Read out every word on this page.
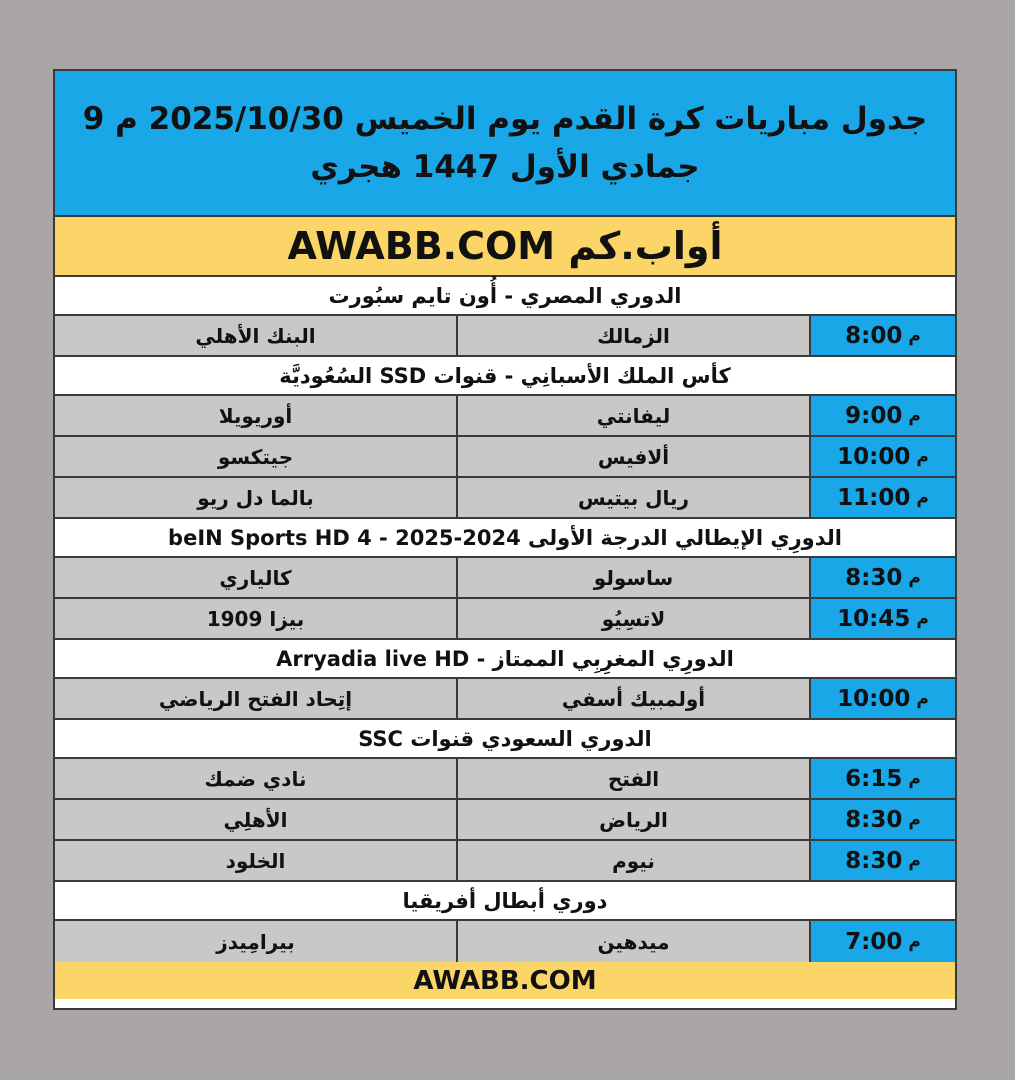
جدول مباريات كرة القدم يوم الخميس 2025/10/30 م 9 جمادي الأول 1447 هجري
أواب.كم AWABB.COM
الدوري المصري - أُون تايم سبُورت
م
8:00
الزمالك
البنك الأهلي
كأس الملك الأسبانِي - قنوات SSD السُعُوديَّة
م
9:00
ليفانتي
أوريويلا
م
10:00
ألافيس
جيتكسو
م
11:00
ريال بيتيس
بالما دل ريو
الدورِي الإيطالي الدرجة الأولى 2024-2025 - beIN Sports HD 4
م
8:30
ساسولو
كالياري
م
10:45
لاتسِيُو
بيزا 1909
الدورِي المغرِبِي الممتاز - Arryadia live HD
م
10:00
أولمبيك أسفي
إتِحاد الفتح الرياضي
الدوري السعودي قنوات SSC
م
6:15
الفتح
نادي ضمك
م
8:30
الرياض
الأهلِي
م
8:30
نيوم
الخلود
دوري أبطال أفريقيا
م
7:00
ميدهين
بيرامِيدز
AWABB.COM
